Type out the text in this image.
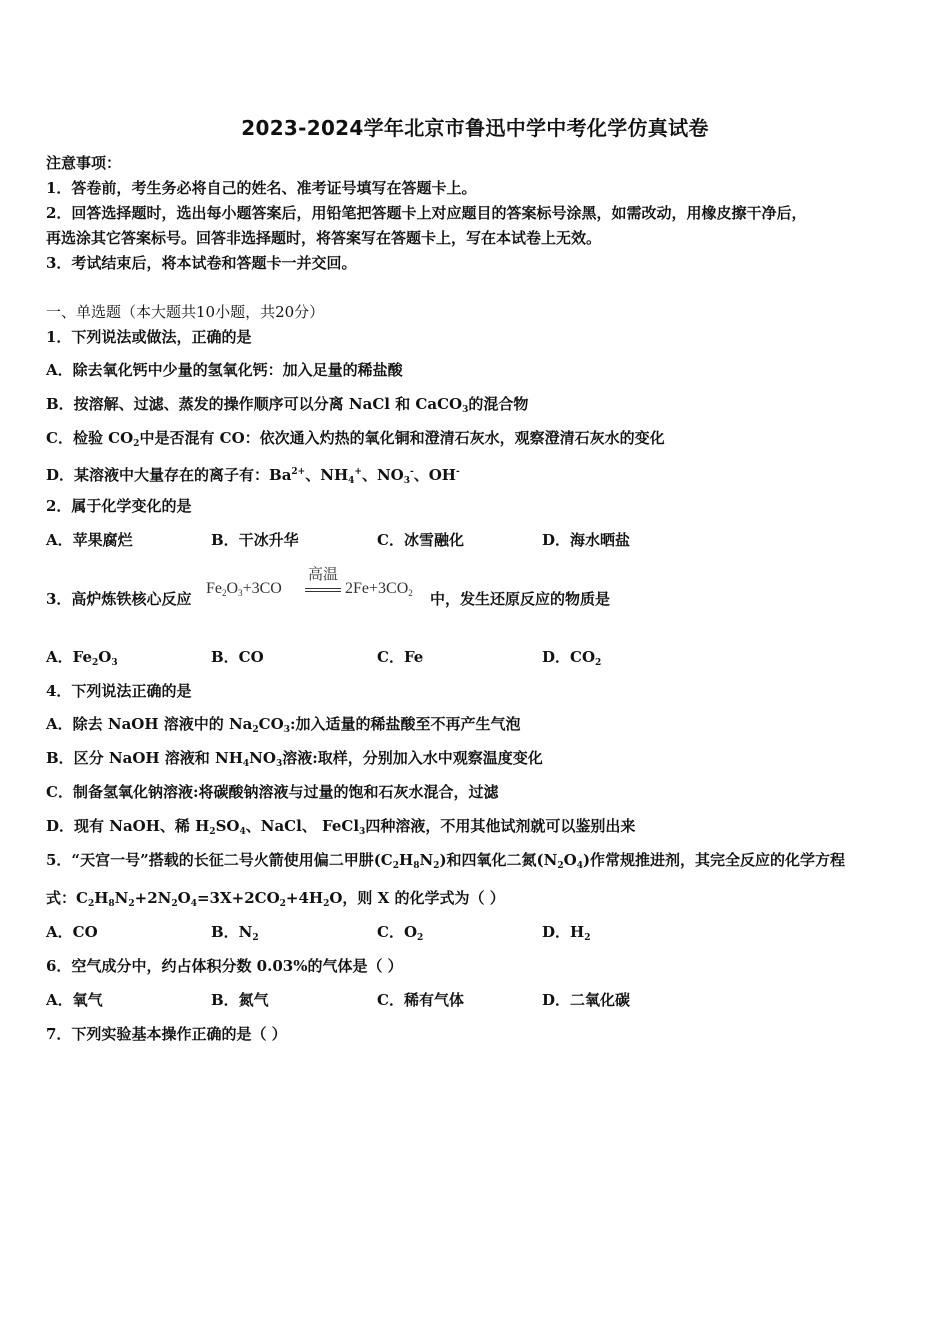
2023-2024学年北京市鲁迅中学中考化学仿真试卷
注意事项：
1．答卷前，考生务必将自己的姓名、准考证号填写在答题卡上。
2．回答选择题时，选出每小题答案后，用铅笔把答题卡上对应题目的答案标号涂黑，如需改动，用橡皮擦干净后，
再选涂其它答案标号。回答非选择题时，将答案写在答题卡上，写在本试卷上无效。
3．考试结束后，将本试卷和答题卡一并交回。
一、单选题（本大题共10小题，共20分）
1．下列说法或做法，正确的是
A．除去氧化钙中少量的氢氧化钙：加入足量的稀盐酸
B．按溶解、过滤、蒸发的操作顺序可以分离 NaCl 和 CaCO$_3$的混合物
C．检验 $CO_2$中是否混有 CO：依次通入灼热的氧化铜和澄清石灰水，观察澄清石灰水的变化
D．某溶液中大量存在的离子有：$Ba^{2+}$、$NH_4^+$、$NO_3^-$、OH-
2．属于化学变化的是
A．苹果腐烂	B．干冰升华	C．冰雪融化	D．海水晒盐
3．高炉炼铁核心反应
$Fe_2O_3+3CO$
高温
$2Fe+3CO_2$ 中，发生还原反应的物质是
A．$Fe_2O_3$	B．CO	C．Fe	D．$CO_2$
4．下列说法正确的是
A．除去 NaOH 溶液中的 $Na_2CO_3$:加入适量的稀盐酸至不再产生气泡
B．区分 NaOH 溶液和 $NH_4NO_3$溶液:取样，分别加入水中观察温度变化
C．制备氢氧化钠溶液:将碳酸钠溶液与过量的饱和石灰水混合，过滤
D．现有 NaOH、稀 $H_2SO_4$、NaCl、 FeCl$_3$四种溶液，不用其他试剂就可以鉴别出来
5．“天宫一号”搭载的长征二号火箭使用偏二甲肼$(C_2H_8N_2)$和四氧化二氮$(N_2O_4)$作常规推进剂，其完全反应的化学方程
式：$C_2H_8N_2+2N_2O_4=3X+2CO_2+4H_2O$，则 X 的化学式为（ ）
A．CO	B．$N_2$	C．$O_2$	D．$H_2$
6．空气成分中，约占体积分数 0.03%的气体是（ ）
A．氧气	B．氮气	C．稀有气体	D．二氧化碳
7．下列实验基本操作正确的是（ ）
